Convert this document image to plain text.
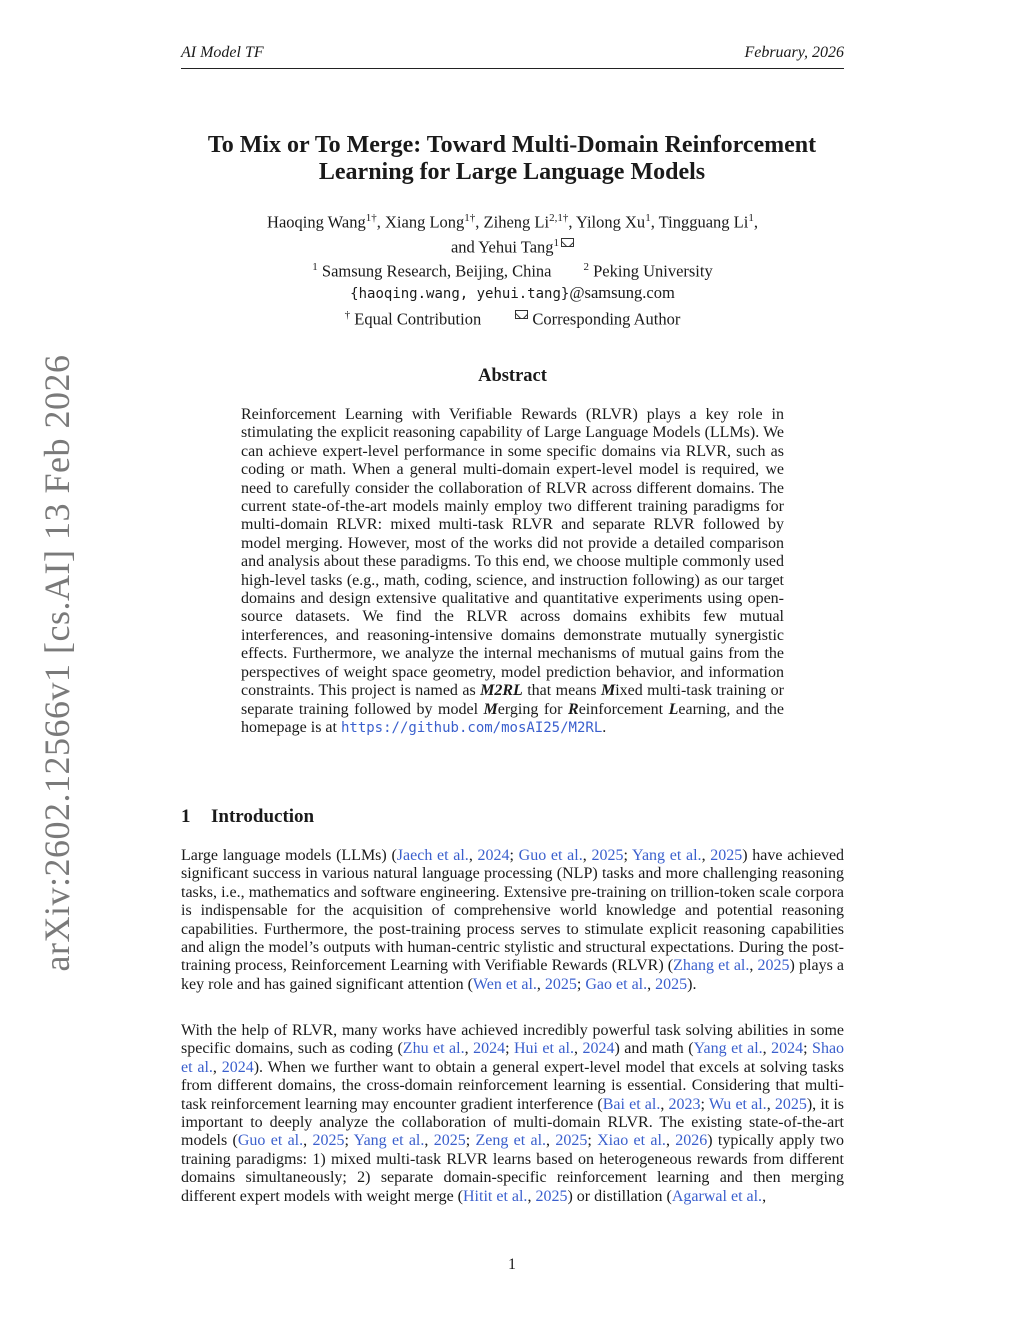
AI Model TF	February, 2026
arXiv:2602.12566v1 [cs.AI] 13 Feb 2026
To Mix or To Merge: Toward Multi-Domain Reinforcement
Learning for Large Language Models
Haoqing Wang$^{1\dagger}$, Xiang Long$^{1\dagger}$, Ziheng $Li^{2,1\dagger}$, Yilong Xu$^1$, Tingguang Li$^1$,
and Yehui Tang$^1$
$^1$ Samsung Research, Beijing, China	$^2$ Peking University
{haoqing.wang, yehui.tang}@samsung.com
† Equal Contribution	Corresponding Author
Abstract

Reinforcement Learning with Verifiable Rewards (RLVR) plays a key role in stimulating the explicit reasoning capability of Large Language Models (LLMs). We can achieve expert-level performance in some specific domains via RLVR, such as coding or math. When a general multi-domain expert-level model is required, we need to carefully consider the collaboration of RLVR across different domains. The current state-of-the-art models mainly employ two different training paradigms for multi-domain RLVR: mixed multi-task RLVR and separate RLVR followed by model merging. However, most of the works did not provide a detailed comparison and analysis about these paradigms. To this end, we choose multiple commonly used high-level tasks (e.g., math, coding, science, and instruction following) as our target domains and design extensive qualitative and quantitative experiments using open-source datasets. We find the RLVR across domains exhibits few mutual interferences, and reasoning-intensive domains demonstrate mutually synergistic effects. Furthermore, we analyze the internal mechanisms of mutual gains from the perspectives of weight space geometry, model prediction behavior, and information constraints. This project is named as M2RL that means Mixed multi-task training or separate training followed by model Merging for Reinforcement Learning, and the homepage is at https://github.com/mosAI25/M2RL.

1 Introduction

Large language models (LLMs) (Jaech et al., 2024; Guo et al., 2025; Yang et al., 2025) have achieved significant success in various natural language processing (NLP) tasks and more challenging reasoning tasks, i.e., mathematics and software engineering. Extensive pre-training on trillion-token scale corpora is indispensable for the acquisition of comprehensive world knowledge and potential reasoning capabilities. Furthermore, the post-training process serves to stimulate explicit reasoning capabilities and align the model’s outputs with human-centric stylistic and structural expectations. During the post-training process, Reinforcement Learning with Verifiable Rewards (RLVR) (Zhang et al., 2025) plays a key role and has gained significant attention (Wen et al., 2025; Gao et al., 2025).

With the help of RLVR, many works have achieved incredibly powerful task solving abilities in some specific domains, such as coding (Zhu et al., 2024; Hui et al., 2024) and math (Yang et al., 2024; Shao et al., 2024). When we further want to obtain a general expert-level model that excels at solving tasks from different domains, the cross-domain reinforcement learning is essential. Considering that multi-task reinforcement learning may encounter gradient interference (Bai et al., 2023; Wu et al., 2025), it is important to deeply analyze the collaboration of multi-domain RLVR. The existing state-of-the-art models (Guo et al., 2025; Yang et al., 2025; Zeng et al., 2025; Xiao et al., 2026) typically apply two training paradigms: 1) mixed multi-task RLVR learns based on heterogeneous rewards from different domains simultaneously; 2) separate domain-specific reinforcement learning and then merging different expert models with weight merge (Hitit et al., 2025) or distillation (Agarwal et al.,

1
